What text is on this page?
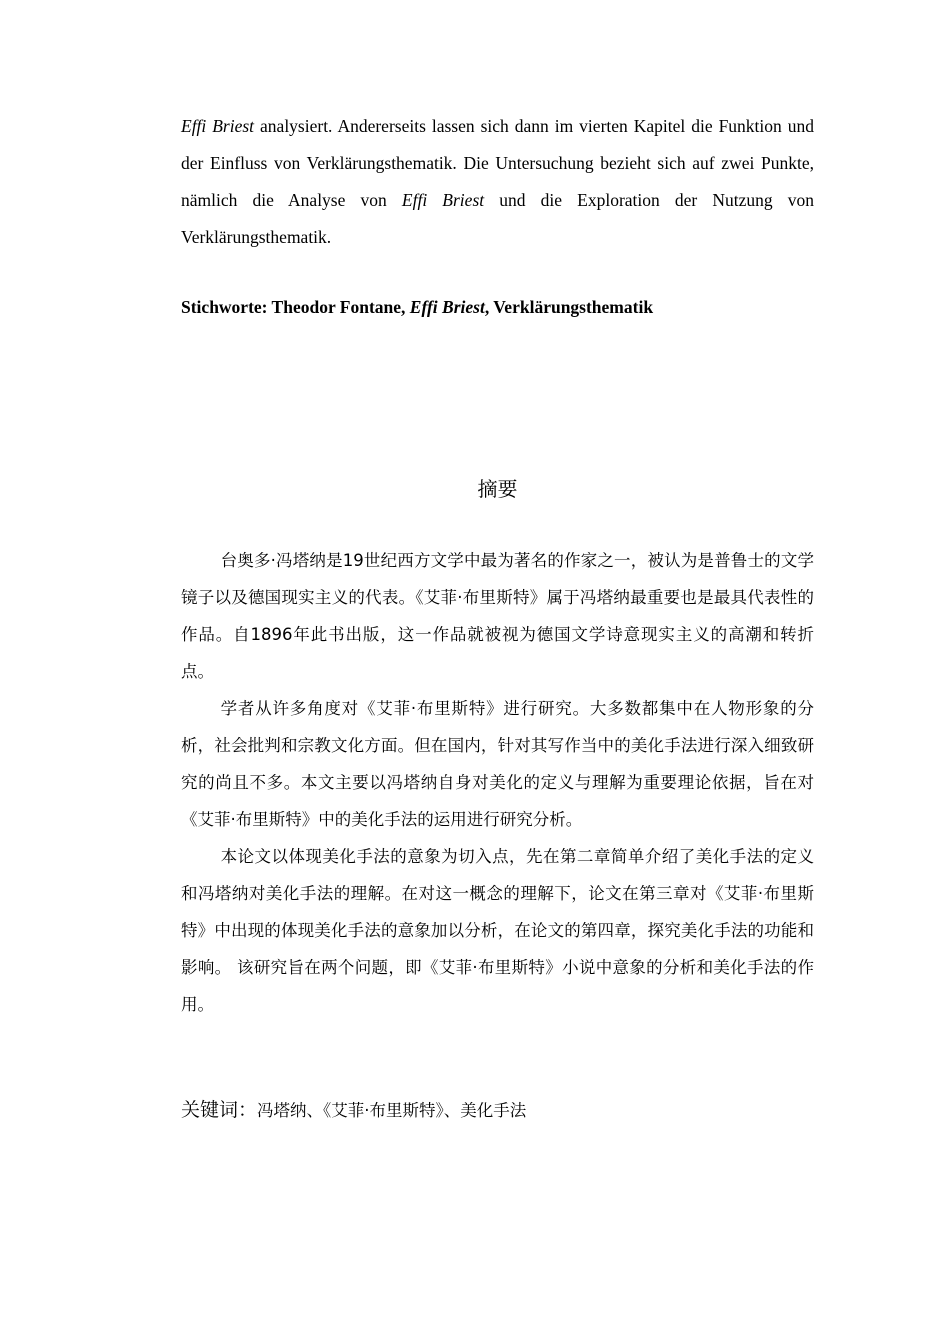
Effi Briest analysiert. Andererseits lassen sich dann im vierten Kapitel die Funktion und der Einfluss von Verklärungsthematik. Die Untersuchung bezieht sich auf zwei Punkte, nämlich die Analyse von Effi Briest und die Exploration der Nutzung von Verklärungsthematik.

Stichworte: Theodor Fontane, Effi Briest, Verklärungsthematik

摘要

台奥多·冯塔纳是19世纪西方文学中最为著名的作家之一，被认为是普鲁士的文学镜子以及德国现实主义的代表。《艾菲·布里斯特》属于冯塔纳最重要也是最具代表性的作品。自1896年此书出版，这一作品就被视为德国文学诗意现实主义的高潮和转折点。

学者从许多角度对《艾菲·布里斯特》进行研究。大多数都集中在人物形象的分析，社会批判和宗教文化方面。但在国内，针对其写作当中的美化手法进行深入细致研究的尚且不多。本文主要以冯塔纳自身对美化的定义与理解为重要理论依据，旨在对《艾菲·布里斯特》中的美化手法的运用进行研究分析。

本论文以体现美化手法的意象为切入点，先在第二章简单介绍了美化手法的定义和冯塔纳对美化手法的理解。在对这一概念的理解下，论文在第三章对《艾菲·布里斯特》中出现的体现美化手法的意象加以分析，在论文的第四章，探究美化手法的功能和影响。 该研究旨在两个问题，即《艾菲·布里斯特》小说中意象的分析和美化手法的作用。

关键词：冯塔纳、《艾菲·布里斯特》、美化手法
